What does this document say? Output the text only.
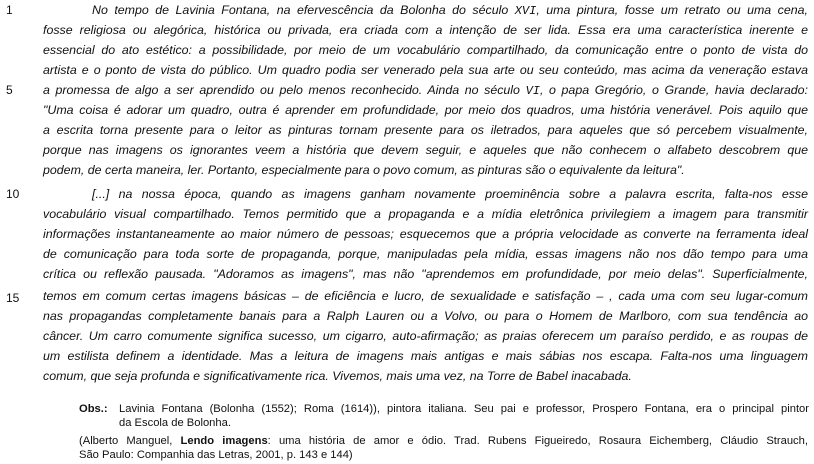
1
5
10
15
No tempo de Lavinia Fontana, na efervescência da Bolonha do século XVI, uma pintura, fosse um retrato ou uma cena,
fosse religiosa ou alegórica, histórica ou privada, era criada com a intenção de ser lida. Essa era uma característica inerente e
essencial do ato estético: a possibilidade, por meio de um vocabulário compartilhado, da comunicação entre o ponto de vista do
artista e o ponto de vista do público. Um quadro podia ser venerado pela sua arte ou seu conteúdo, mas acima da veneração estava
a promessa de algo a ser aprendido ou pelo menos reconhecido. Ainda no século VI, o papa Gregório, o Grande, havia declarado:
"Uma coisa é adorar um quadro, outra é aprender em profundidade, por meio dos quadros, uma história venerável. Pois aquilo que
a escrita torna presente para o leitor as pinturas tornam presente para os iletrados, para aqueles que só percebem visualmente,
porque nas imagens os ignorantes veem a história que devem seguir, e aqueles que não conhecem o alfabeto descobrem que
podem, de certa maneira, ler. Portanto, especialmente para o povo comum, as pinturas são o equivalente da leitura".
[...] na nossa época, quando as imagens ganham novamente proeminência sobre a palavra escrita, falta-nos esse
vocabulário visual compartilhado. Temos permitido que a propaganda e a mídia eletrônica privilegiem a imagem para transmitir
informações instantaneamente ao maior número de pessoas; esquecemos que a própria velocidade as converte na ferramenta ideal
de comunicação para toda sorte de propaganda, porque, manipuladas pela mídia, essas imagens não nos dão tempo para uma
crítica ou reflexão pausada. "Adoramos as imagens", mas não "aprendemos em profundidade, por meio delas". Superficialmente,
temos em comum certas imagens básicas – de eficiência e lucro, de sexualidade e satisfação – , cada uma com seu lugar-comum
nas propagandas completamente banais para a Ralph Lauren ou a Volvo, ou para o Homem de Marlboro, com sua tendência ao
câncer. Um carro comumente significa sucesso, um cigarro, auto-afirmação; as praias oferecem um paraíso perdido, e as roupas de
um estilista definem a identidade. Mas a leitura de imagens mais antigas e mais sábias nos escapa. Falta-nos uma linguagem
comum, que seja profunda e significativamente rica. Vivemos, mais uma vez, na Torre de Babel inacabada.
Obs.: Lavinia Fontana (Bolonha (1552); Roma (1614)), pintora italiana. Seu pai e professor, Prospero Fontana, era o principal pintor
da Escola de Bolonha.
(Alberto Manguel, Lendo imagens: uma história de amor e ódio. Trad. Rubens Figueiredo, Rosaura Eichemberg, Cláudio Strauch,
São Paulo: Companhia das Letras, 2001, p. 143 e 144)
